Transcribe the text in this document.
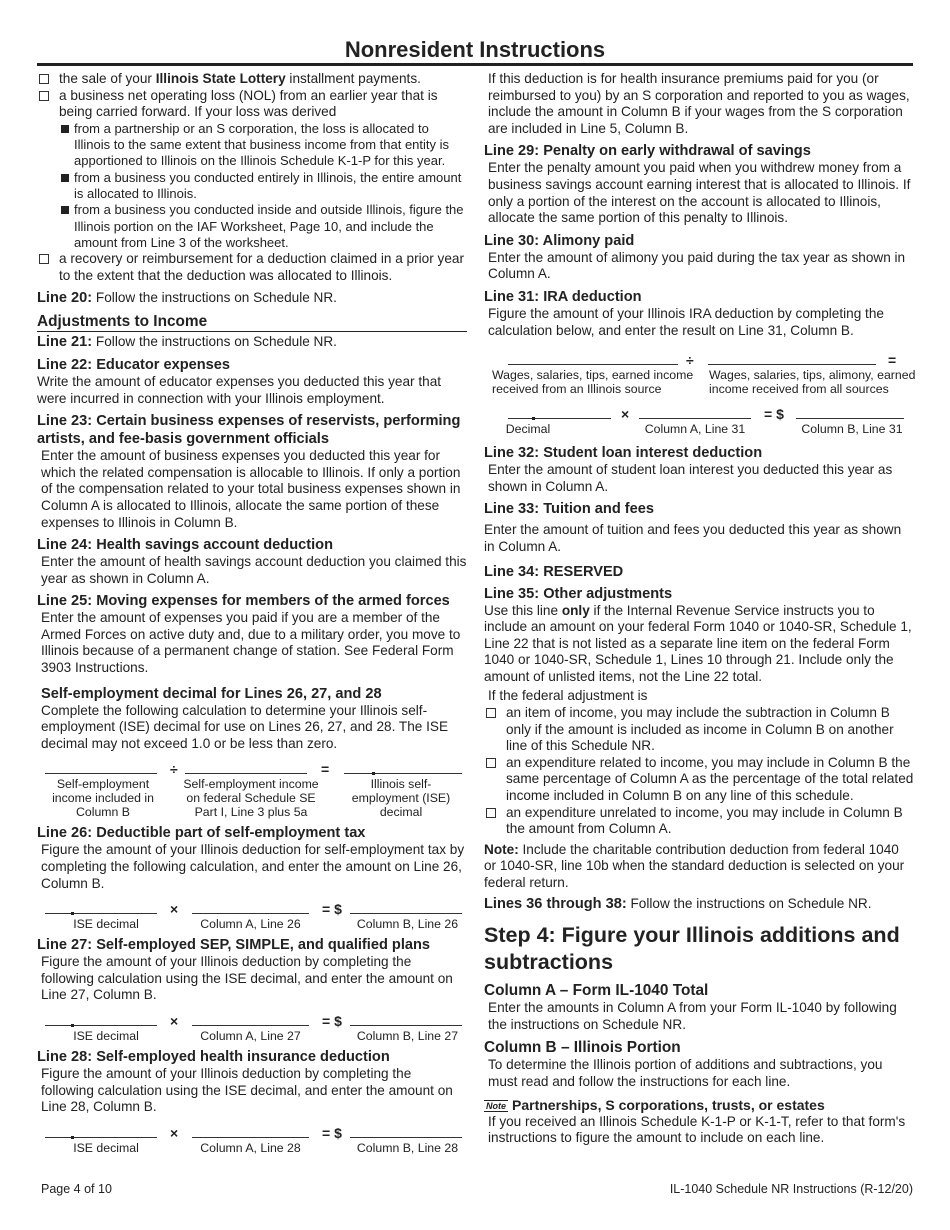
Nonresident Instructions
the sale of your Illinois State Lottery installment payments.
a business net operating loss (NOL) from an earlier year that is being carried forward. If your loss was derived
from a partnership or an S corporation, the loss is allocated to Illinois to the same extent that business income from that entity is apportioned to Illinois on the Illinois Schedule K-1-P for this year.
from a business you conducted entirely in Illinois, the entire amount is allocated to Illinois.
from a business you conducted inside and outside Illinois, figure the Illinois portion on the IAF Worksheet, Page 10, and include the amount from Line 3 of the worksheet.
a recovery or reimbursement for a deduction claimed in a prior year to the extent that the deduction was allocated to Illinois.

Line 20: Follow the instructions on Schedule NR.

Adjustments to Income

Line 21: Follow the instructions on Schedule NR.

Line 22: Educator expenses

Write the amount of educator expenses you deducted this year that were incurred in connection with your Illinois employment.

Line 23: Certain business expenses of reservists, performing artists, and fee-basis government officials

Enter the amount of business expenses you deducted this year for which the related compensation is allocable to Illinois. If only a portion of the compensation related to your total business expenses shown in Column A is allocated to Illinois, allocate the same portion of these expenses to Illinois in Column B.

Line 24: Health savings account deduction

Enter the amount of health savings account deduction you claimed this year as shown in Column A.

Line 25: Moving expenses for members of the armed forces

Enter the amount of expenses you paid if you are a member of the Armed Forces on active duty and, due to a military order, you move to Illinois because of a permanent change of station. See Federal Form 3903 Instructions.

Self-employment decimal for Lines 26, 27, and 28

Complete the following calculation to determine your Illinois self-employment (ISE) decimal for use on Lines 26, 27, and 28. The ISE decimal may not exceed 1.0 or be less than zero.

÷	=
Self-employment income included in Column B
Self-employment income on federal Schedule SE Part I, Line 3 plus 5a
Illinois self-employment (ISE) decimal
Line 26: Deductible part of self-employment tax

Figure the amount of your Illinois deduction for self-employment tax by completing the following calculation, and enter the amount on Line 26, Column B.

×	= $
ISE decimal	Column A, Line 26	Column B, Line 26
Line 27: Self-employed SEP, SIMPLE, and qualified plans

Figure the amount of your Illinois deduction by completing the following calculation using the ISE decimal, and enter the amount on Line 27, Column B.

×	= $
ISE decimal	Column A, Line 27	Column B, Line 27
Line 28: Self-employed health insurance deduction

Figure the amount of your Illinois deduction by completing the following calculation using the ISE decimal, and enter the amount on Line 28, Column B.

×	= $
ISE decimal	Column A, Line 28	Column B, Line 28

If this deduction is for health insurance premiums paid for you (or reimbursed to you) by an S corporation and reported to you as wages, include the amount in Column B if your wages from the S corporation are included in Line 5, Column B.

Line 29: Penalty on early withdrawal of savings

Enter the penalty amount you paid when you withdrew money from a business savings account earning interest that is allocated to Illinois. If only a portion of the interest on the account is allocated to Illinois, allocate the same portion of this penalty to Illinois.

Line 30: Alimony paid

Enter the amount of alimony you paid during the tax year as shown in Column A.

Line 31: IRA deduction

Figure the amount of your Illinois IRA deduction by completing the calculation below, and enter the result on Line 31, Column B.

÷	=
Wages, salaries, tips, earned income received from an Illinois source
Wages, salaries, tips, alimony, earned income received from all sources
×	= $
Decimal	Column A, Line 31	Column B, Line 31
Line 32: Student loan interest deduction

Enter the amount of student loan interest you deducted this year as shown in Column A.

Line 33: Tuition and fees

Enter the amount of tuition and fees you deducted this year as shown in Column A.

Line 34: RESERVED
Line 35: Other adjustments

Use this line only if the Internal Revenue Service instructs you to include an amount on your federal Form 1040 or 1040-SR, Schedule 1, Line 22 that is not listed as a separate line item on the federal Form 1040 or 1040-SR, Schedule 1, Lines 10 through 21. Include only the amount of unlisted items, not the Line 22 total.

If the federal adjustment is

an item of income, you may include the subtraction in Column B only if the amount is included as income in Column B on another line of this Schedule NR.
an expenditure related to income, you may include in Column B the same percentage of Column A as the percentage of the total related income included in Column B on any line of this schedule.
an expenditure unrelated to income, you may include in Column B the amount from Column A.

Note: Include the charitable contribution deduction from federal 1040 or 1040-SR, line 10b when the standard deduction is selected on your federal return.

Lines 36 through 38: Follow the instructions on Schedule NR.

Step 4: Figure your Illinois additions and subtractions
Column A – Form IL-1040 Total

Enter the amounts in Column A from your Form IL-1040 by following the instructions on Schedule NR.

Column B – Illinois Portion

To determine the Illinois portion of additions and subtractions, you must read and follow the instructions for each line.

Note Partnerships, S corporations, trusts, or estates

If you received an Illinois Schedule K-1-P or K-1-T, refer to that form's instructions to figure the amount to include on each line.

Page 4 of 10	IL-1040 Schedule NR Instructions (R-12/20)
